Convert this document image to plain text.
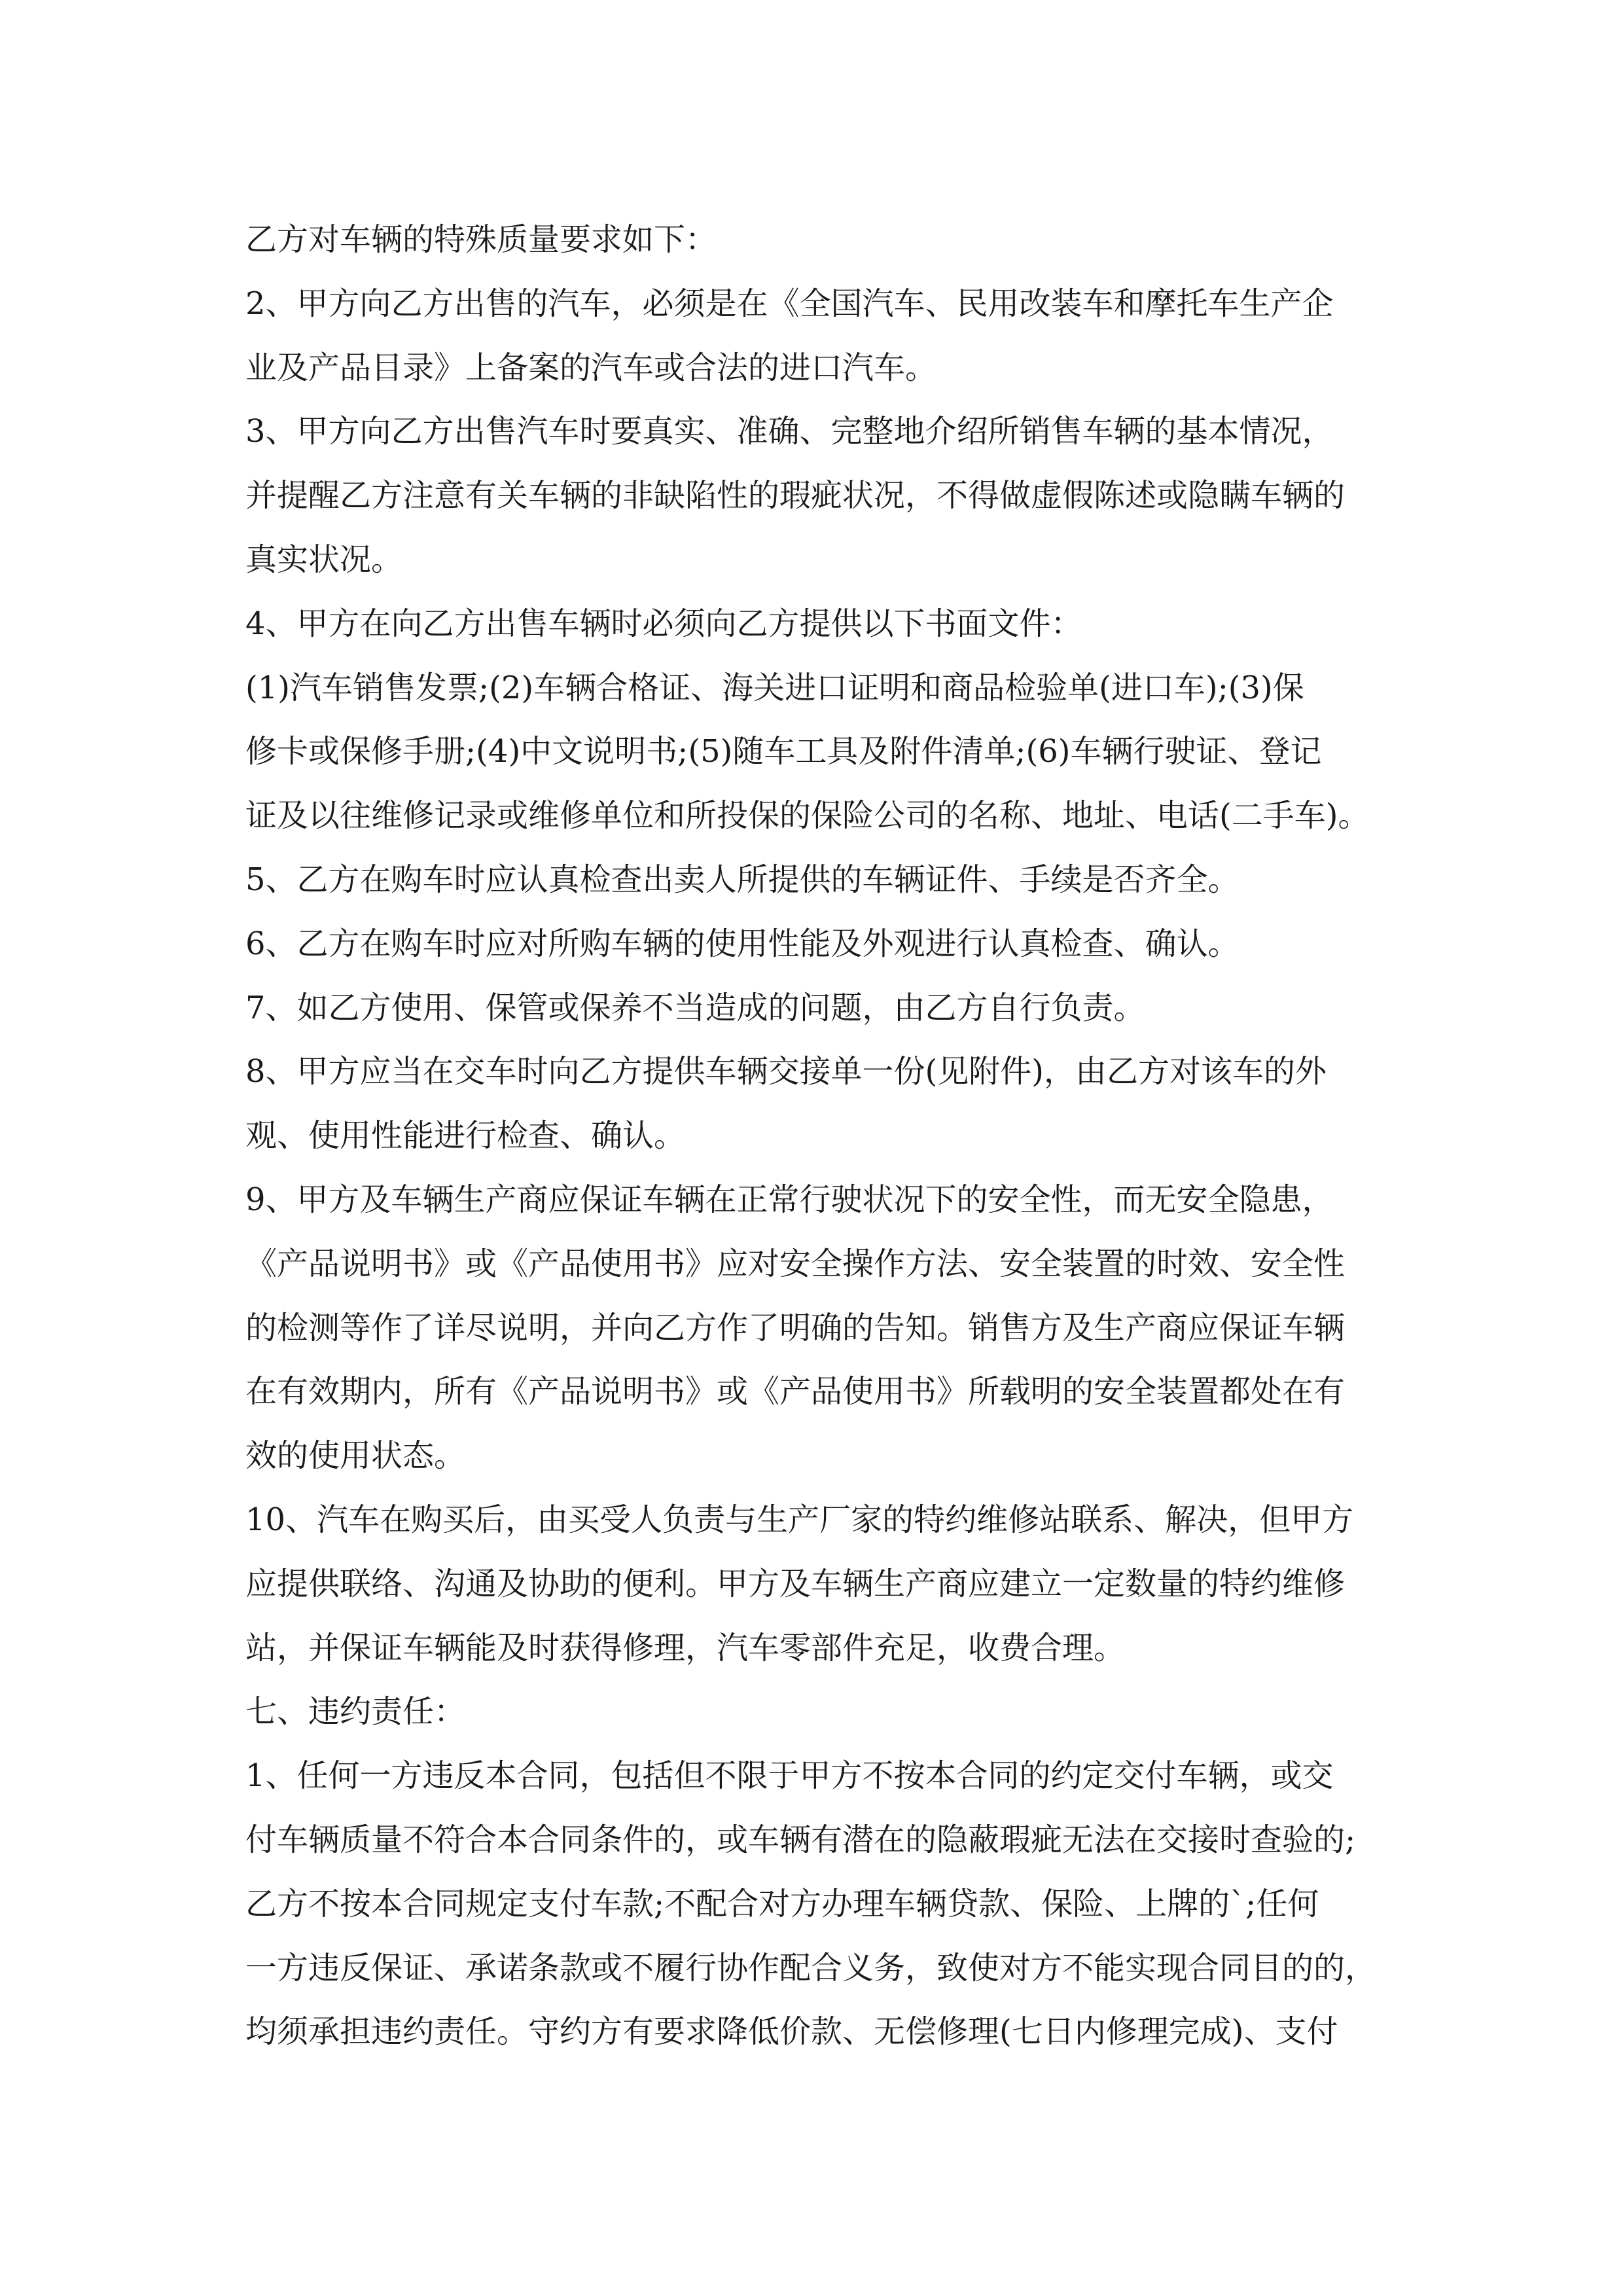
乙方对车辆的特殊质量要求如下：
2、甲方向乙方出售的汽车，必须是在《全国汽车、民用改装车和摩托车生产企
业及产品目录》上备案的汽车或合法的进口汽车。
3、甲方向乙方出售汽车时要真实、准确、完整地介绍所销售车辆的基本情况，
并提醒乙方注意有关车辆的非缺陷性的瑕疵状况，不得做虚假陈述或隐瞒车辆的
真实状况。
4、甲方在向乙方出售车辆时必须向乙方提供以下书面文件：
(1)汽车销售发票;(2)车辆合格证、海关进口证明和商品检验单(进口车);(3)保
修卡或保修手册;(4)中文说明书;(5)随车工具及附件清单;(6)车辆行驶证、登记
证及以往维修记录或维修单位和所投保的保险公司的名称、地址、电话(二手车)。
5、乙方在购车时应认真检查出卖人所提供的车辆证件、手续是否齐全。
6、乙方在购车时应对所购车辆的使用性能及外观进行认真检查、确认。
7、如乙方使用、保管或保养不当造成的问题，由乙方自行负责。
8、甲方应当在交车时向乙方提供车辆交接单一份(见附件)，由乙方对该车的外
观、使用性能进行检查、确认。
9、甲方及车辆生产商应保证车辆在正常行驶状况下的安全性，而无安全隐患，
《产品说明书》或《产品使用书》应对安全操作方法、安全装置的时效、安全性
的检测等作了详尽说明，并向乙方作了明确的告知。销售方及生产商应保证车辆
在有效期内，所有《产品说明书》或《产品使用书》所载明的安全装置都处在有
效的使用状态。
10、汽车在购买后，由买受人负责与生产厂家的特约维修站联系、解决，但甲方
应提供联络、沟通及协助的便利。甲方及车辆生产商应建立一定数量的特约维修
站，并保证车辆能及时获得修理，汽车零部件充足，收费合理。
七、违约责任：
1、任何一方违反本合同，包括但不限于甲方不按本合同的约定交付车辆，或交
付车辆质量不符合本合同条件的，或车辆有潜在的隐蔽瑕疵无法在交接时查验的;
乙方不按本合同规定支付车款;不配合对方办理车辆贷款、保险、上牌的`;任何
一方违反保证、承诺条款或不履行协作配合义务，致使对方不能实现合同目的的，
均须承担违约责任。守约方有要求降低价款、无偿修理(七日内修理完成)、支付
